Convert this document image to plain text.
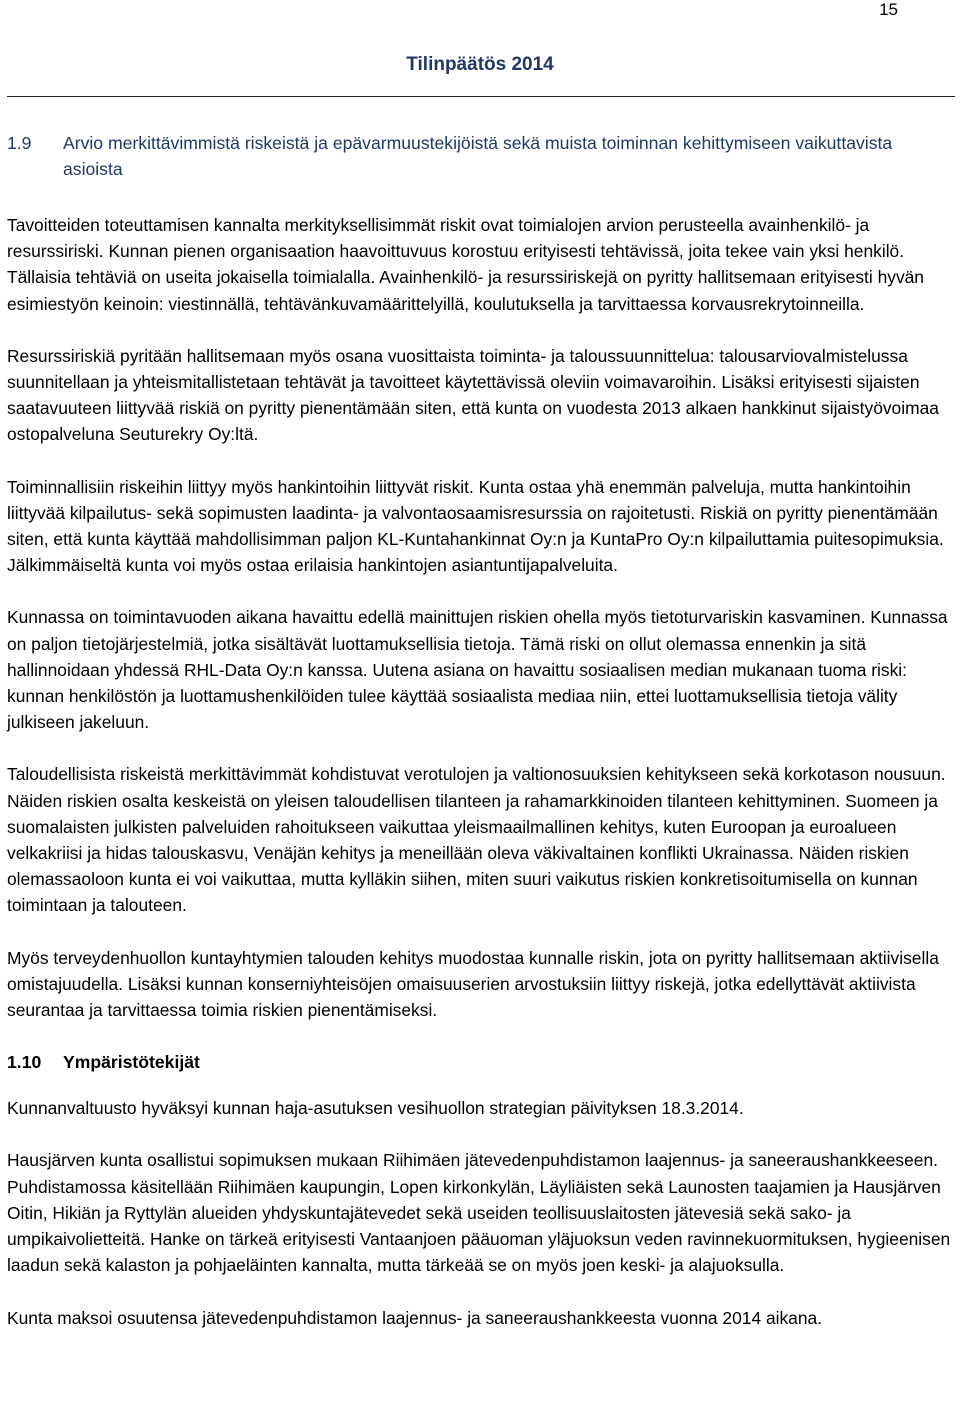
15
Tilinpäätös 2014
1.9	Arvio merkittävimmistä riskeistä ja epävarmuustekijöistä sekä muista toiminnan kehittymiseen vaikuttavista asioista

Tavoitteiden toteuttamisen kannalta merkityksellisimmät riskit ovat toimialojen arvion perusteella avainhenkilö- ja resurssiriski. Kunnan pienen organisaation haavoittuvuus korostuu erityisesti tehtävissä, joita tekee vain yksi henkilö. Tällaisia tehtäviä on useita jokaisella toimialalla. Avainhenkilö- ja resurssiriskejä on pyritty hallitsemaan erityisesti hyvän esimiestyön keinoin: viestinnällä, tehtävänkuvamäärittelyillä, koulutuksella ja tarvittaessa korvausrekrytoinneilla.

Resurssiriskiä pyritään hallitsemaan myös osana vuosittaista toiminta- ja taloussuunnittelua: talousarviovalmistelussa suunnitellaan ja yhteismitallistetaan tehtävät ja tavoitteet käytettävissä oleviin voimavaroihin. Lisäksi erityisesti sijaisten saatavuuteen liittyvää riskiä on pyritty pienentämään siten, että kunta on vuodesta 2013 alkaen hankkinut sijaistyövoimaa ostopalveluna Seuturekry Oy:ltä.

Toiminnallisiin riskeihin liittyy myös hankintoihin liittyvät riskit. Kunta ostaa yhä enemmän palveluja, mutta hankintoihin liittyvää kilpailutus- sekä sopimusten laadinta- ja valvontaosaamisresurssia on rajoitetusti. Riskiä on pyritty pienentämään siten, että kunta käyttää mahdollisimman paljon KL-Kuntahankinnat Oy:n ja KuntaPro Oy:n kilpailuttamia puitesopimuksia. Jälkimmäiseltä kunta voi myös ostaa erilaisia hankintojen asiantuntijapalveluita.

Kunnassa on toimintavuoden aikana havaittu edellä mainittujen riskien ohella myös tietoturvariskin kasvaminen. Kunnassa on paljon tietojärjestelmiä, jotka sisältävät luottamuksellisia tietoja. Tämä riski on ollut olemassa ennenkin ja sitä hallinnoidaan yhdessä RHL-Data Oy:n kanssa. Uutena asiana on havaittu sosiaalisen median mukanaan tuoma riski: kunnan henkilöstön ja luottamushenkilöiden tulee käyttää sosiaalista mediaa niin, ettei luottamuksellisia tietoja välity julkiseen jakeluun.

Taloudellisista riskeistä merkittävimmät kohdistuvat verotulojen ja valtionosuuksien kehitykseen sekä korkotason nousuun. Näiden riskien osalta keskeistä on yleisen taloudellisen tilanteen ja rahamarkkinoiden tilanteen kehittyminen. Suomeen ja suomalaisten julkisten palveluiden rahoitukseen vaikuttaa yleismaailmallinen kehitys, kuten Euroopan ja euroalueen velkakriisi ja hidas talouskasvu, Venäjän kehitys ja meneillään oleva väkivaltainen konflikti Ukrainassa. Näiden riskien olemassaoloon kunta ei voi vaikuttaa, mutta kylläkin siihen, miten suuri vaikutus riskien konkretisoitumisella on kunnan toimintaan ja talouteen.

Myös terveydenhuollon kuntayhtymien talouden kehitys muodostaa kunnalle riskin, jota on pyritty hallitsemaan aktiivisella omistajuudella. Lisäksi kunnan konserniyhteisöjen omaisuuserien arvostuksiin liittyy riskejä, jotka edellyttävät aktiivista seurantaa ja tarvittaessa toimia riskien pienentämiseksi.

1.10	Ympäristötekijät

Kunnanvaltuusto hyväksyi kunnan haja-asutuksen vesihuollon strategian päivityksen 18.3.2014.

Hausjärven kunta osallistui sopimuksen mukaan Riihimäen jätevedenpuhdistamon laajennus- ja saneeraushankkeeseen. Puhdistamossa käsitellään Riihimäen kaupungin, Lopen kirkonkylän, Läyliäisten sekä Launosten taajamien ja Hausjärven Oitin, Hikiän ja Ryttylän alueiden yhdyskuntajätevedet sekä useiden teollisuuslaitosten jätevesiä sekä sako- ja umpikaivolietteitä. Hanke on tärkeä erityisesti Vantaanjoen pääuoman yläjuoksun veden ravinnekuormituksen, hygieenisen laadun sekä kalaston ja pohjaeläinten kannalta, mutta tärkeää se on myös joen keski- ja alajuoksulla.

Kunta maksoi osuutensa jätevedenpuhdistamon laajennus- ja saneeraushankkeesta vuonna 2014 aikana.
